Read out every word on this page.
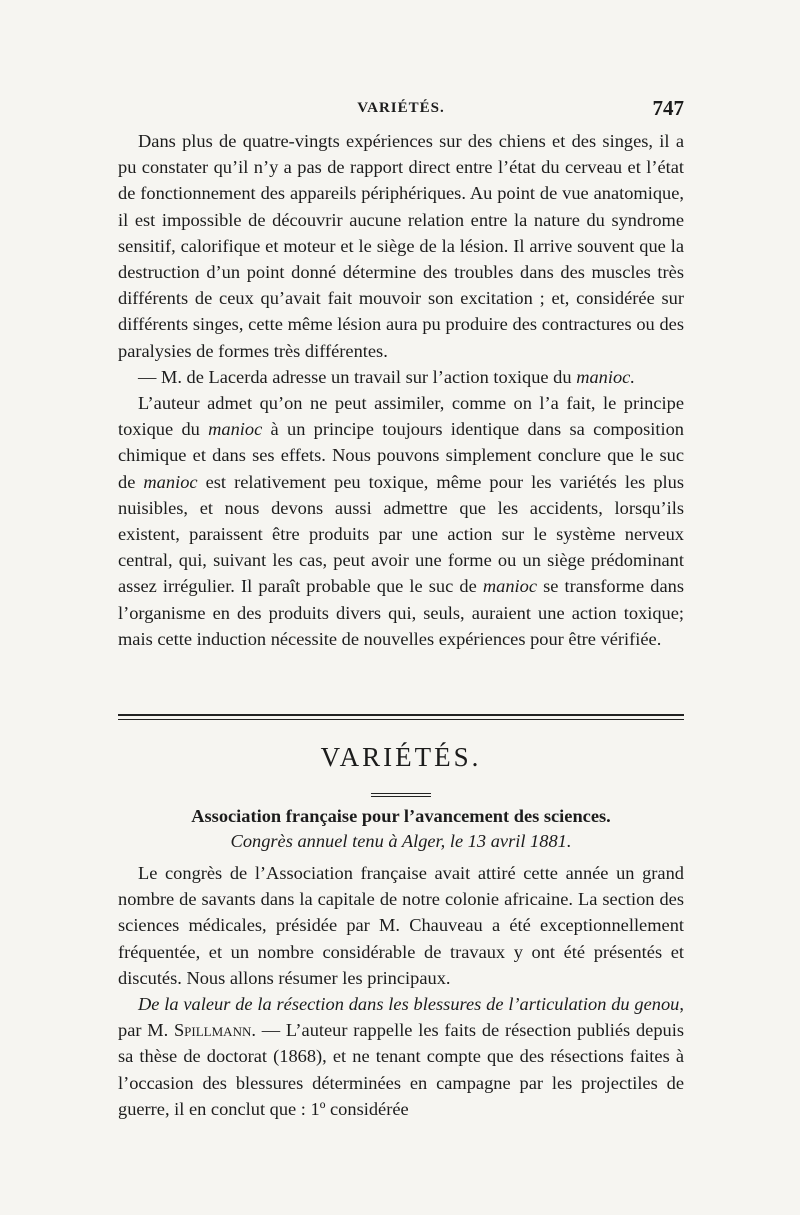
VARIÉTÉS.	747

Dans plus de quatre-vingts expériences sur des chiens et des singes, il a pu constater qu’il n’y a pas de rapport direct entre l’état du cerveau et l’état de fonctionnement des appareils périphériques. Au point de vue anatomique, il est impossible de découvrir aucune relation entre la nature du syndrome sensitif, calorifique et moteur et le siège de la lésion. Il arrive souvent que la destruction d’un point donné détermine des troubles dans des muscles très différents de ceux qu’avait fait mouvoir son excitation ; et, considérée sur différents singes, cette même lésion aura pu produire des contractures ou des paralysies de formes très différentes.

— M. de Lacerda adresse un travail sur l’action toxique du manioc.

L’auteur admet qu’on ne peut assimiler, comme on l’a fait, le principe toxique du manioc à un principe toujours identique dans sa composition chimique et dans ses effets. Nous pouvons simplement conclure que le suc de manioc est relativement peu toxique, même pour les variétés les plus nuisibles, et nous devons aussi admettre que les accidents, lorsqu’ils existent, paraissent être produits par une action sur le système nerveux central, qui, suivant les cas, peut avoir une forme ou un siège prédominant assez irrégulier. Il paraît probable que le suc de manioc se transforme dans l’organisme en des produits divers qui, seuls, auraient une action toxique; mais cette induction nécessite de nouvelles expériences pour être vérifiée.

VARIÉTÉS.
Association française pour l’avancement des sciences.
Congrès annuel tenu à Alger, le 13 avril 1881.

Le congrès de l’Association française avait attiré cette année un grand nombre de savants dans la capitale de notre colonie africaine. La section des sciences médicales, présidée par M. Chauveau a été exceptionnellement fréquentée, et un nombre considérable de travaux y ont été présentés et discutés. Nous allons résumer les principaux.

De la valeur de la résection dans les blessures de l’articulation du genou, par M. Spillmann. — L’auteur rappelle les faits de résection publiés depuis sa thèse de doctorat (1868), et ne tenant compte que des résections faites à l’occasion des blessures déterminées en campagne par les projectiles de guerre, il en conclut que : 1º considérée
